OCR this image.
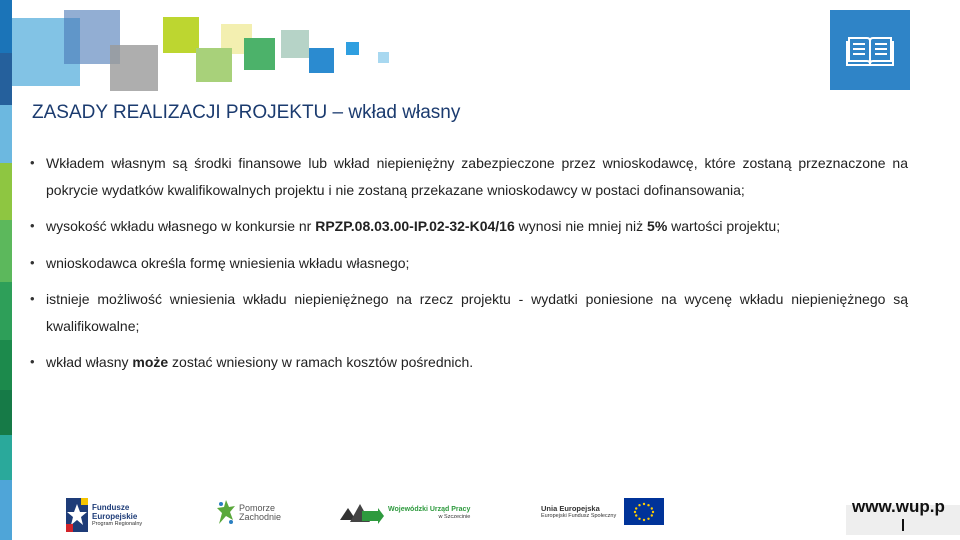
ZASADY REALIZACJI PROJEKTU – wkład własny
• Wkładem własnym są środki finansowe lub wkład niepieniężny zabezpieczone przez wnioskodawcę, które zostaną przeznaczone na pokrycie wydatków kwalifikowalnych projektu i nie zostaną przekazane wnioskodawcy w postaci dofinansowania;
• wysokość wkładu własnego w konkursie nr RPZP.08.03.00-IP.02-32-K04/16 wynosi nie mniej niż 5% wartości projektu;
• wnioskodawca określa formę wniesienia wkładu własnego;
• istnieje możliwość wniesienia wkładu niepieniężnego na rzecz projektu - wydatki poniesione na wycenę wkładu niepieniężnego są kwalifikowalne;
• wkład własny może zostać wniesiony w ramach kosztów pośrednich.
Fundusze
Europejskie
Program Regionalny
Pomorze
Zachodnie
Wojewódzki Urząd Pracy
w Szczecinie
Unia Europejska
Europejski Fundusz Społeczny	www.wup.p
